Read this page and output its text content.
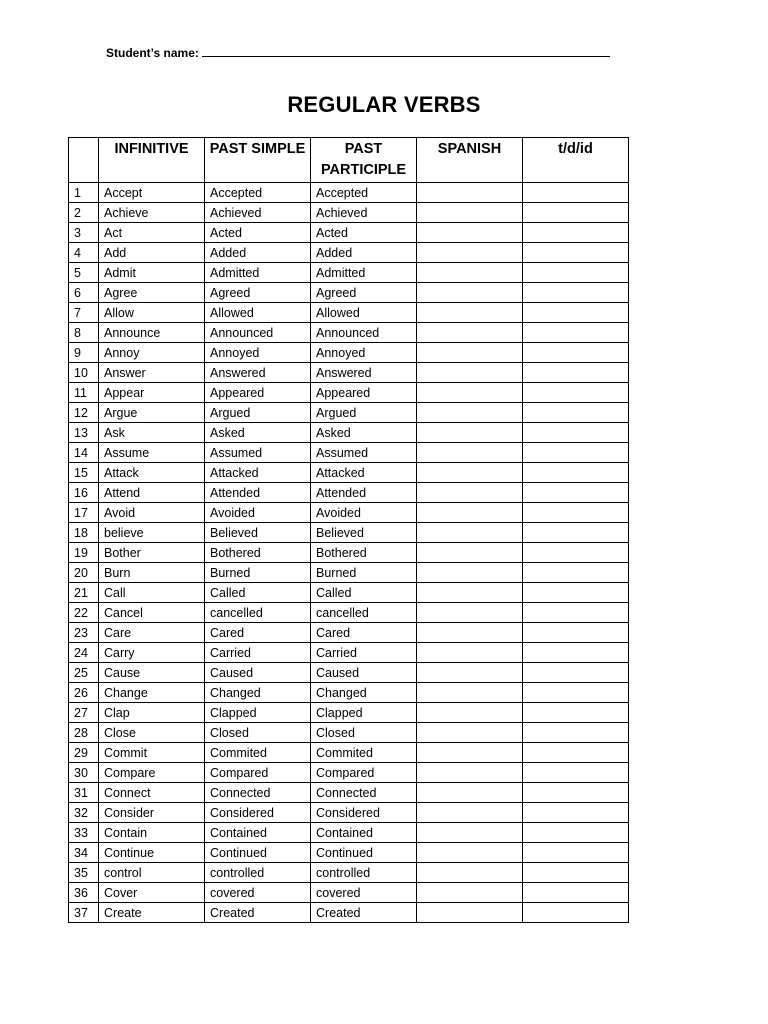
Student’s name:
REGULAR VERBS
	INFINITIVE	PAST SIMPLE	PAST PARTICIPLE	SPANISH	t/d/id
1	Accept	Accepted	Accepted		
2	Achieve	Achieved	Achieved		
3	Act	Acted	Acted		
4	Add	Added	Added		
5	Admit	Admitted	Admitted		
6	Agree	Agreed	Agreed		
7	Allow	Allowed	Allowed		
8	Announce	Announced	Announced		
9	Annoy	Annoyed	Annoyed		
10	Answer	Answered	Answered		
11	Appear	Appeared	Appeared		
12	Argue	Argued	Argued		
13	Ask	Asked	Asked		
14	Assume	Assumed	Assumed		
15	Attack	Attacked	Attacked		
16	Attend	Attended	Attended		
17	Avoid	Avoided	Avoided		
18	believe	Believed	Believed		
19	Bother	Bothered	Bothered		
20	Burn	Burned	Burned		
21	Call	Called	Called		
22	Cancel	cancelled	cancelled		
23	Care	Cared	Cared		
24	Carry	Carried	Carried		
25	Cause	Caused	Caused		
26	Change	Changed	Changed		
27	Clap	Clapped	Clapped		
28	Close	Closed	Closed		
29	Commit	Commited	Commited		
30	Compare	Compared	Compared		
31	Connect	Connected	Connected		
32	Consider	Considered	Considered		
33	Contain	Contained	Contained		
34	Continue	Continued	Continued		
35	control	controlled	controlled		
36	Cover	covered	covered		
37	Create	Created	Created		
